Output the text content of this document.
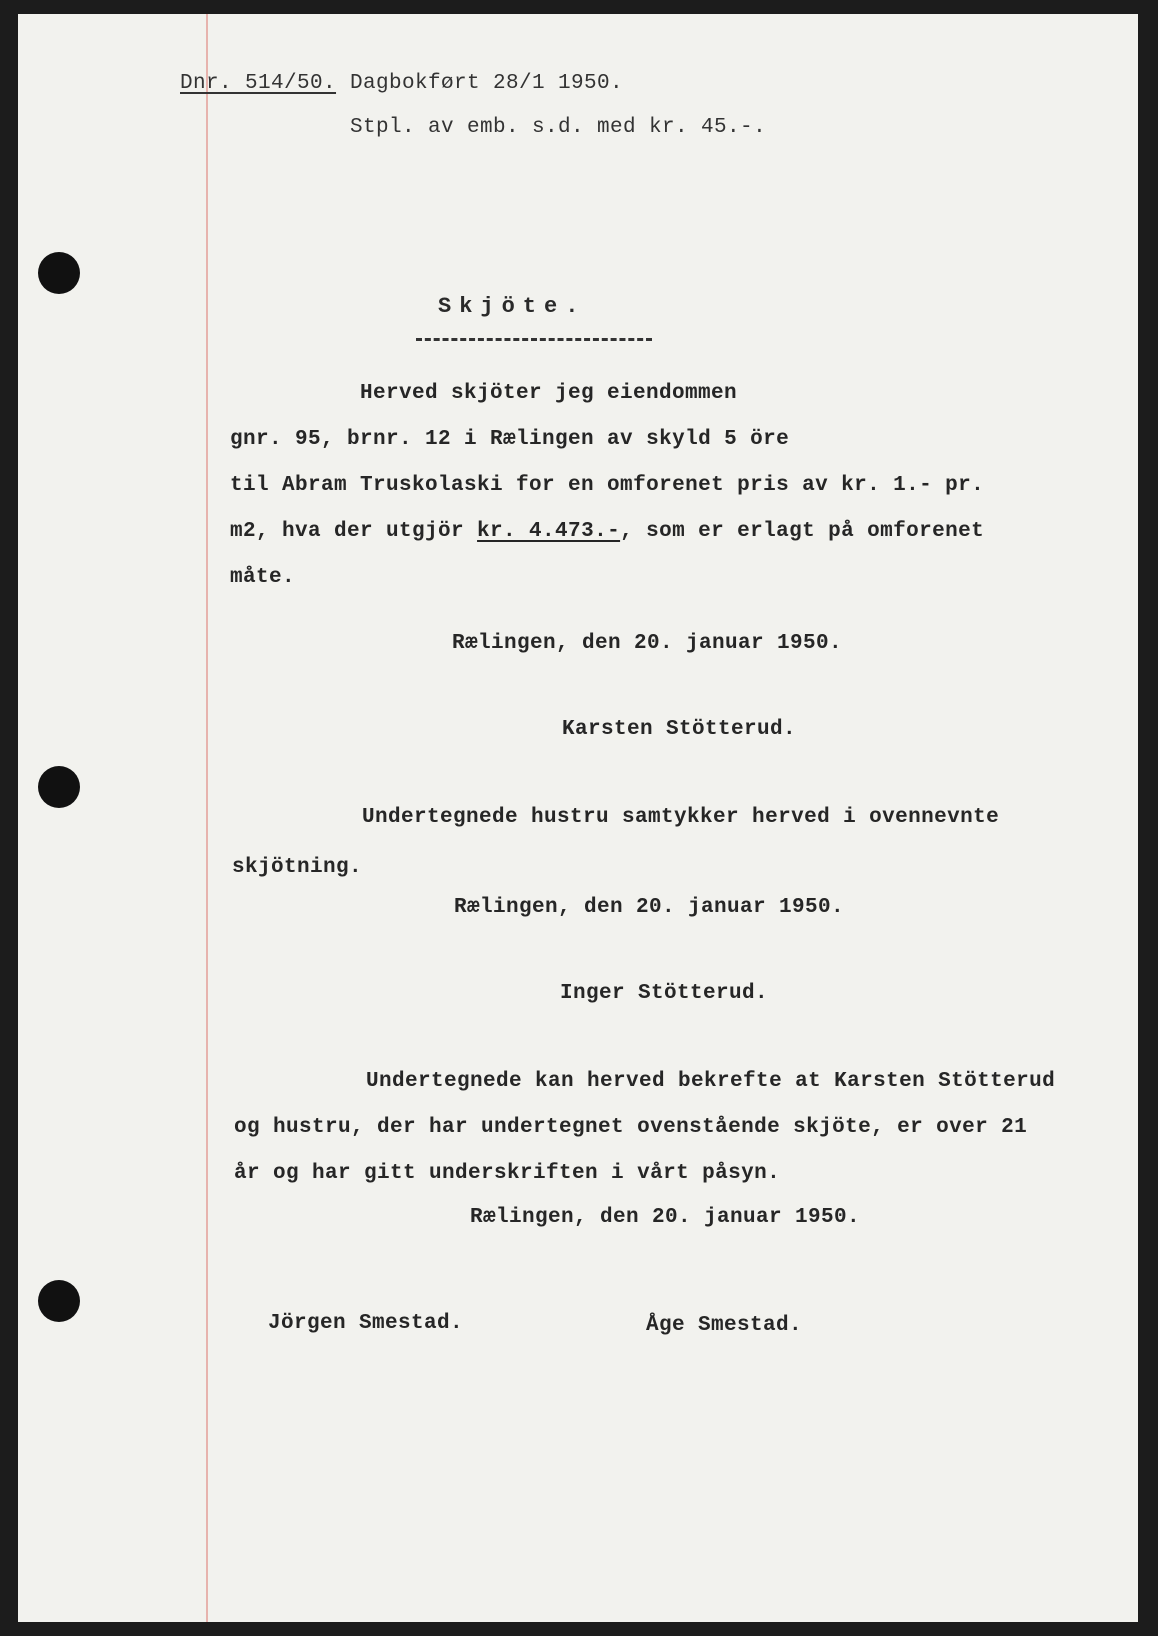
Dnr. 514/50. Dagbokført 28/1 1950.
Stpl. av emb. s.d. med kr. 45.-.
Skjöte.
Herved skjöter jeg eiendommen
gnr. 95, brnr. 12 i Rælingen av skyld 5 öre
til Abram Truskolaski for en omforenet pris av kr. 1.- pr.
m2, hva der utgjör kr. 4.473.-, som er erlagt på omforenet
måte.
Rælingen, den 20. januar 1950.
Karsten Stötterud.
Undertegnede hustru samtykker herved i ovennevnte
skjötning.
Rælingen, den 20. januar 1950.
Inger Stötterud.
Undertegnede kan herved bekrefte at Karsten Stötterud
og hustru, der har undertegnet ovenstående skjöte, er over 21
år og har gitt underskriften i vårt påsyn.
Rælingen, den 20. januar 1950.
Jörgen Smestad.	Åge Smestad.
